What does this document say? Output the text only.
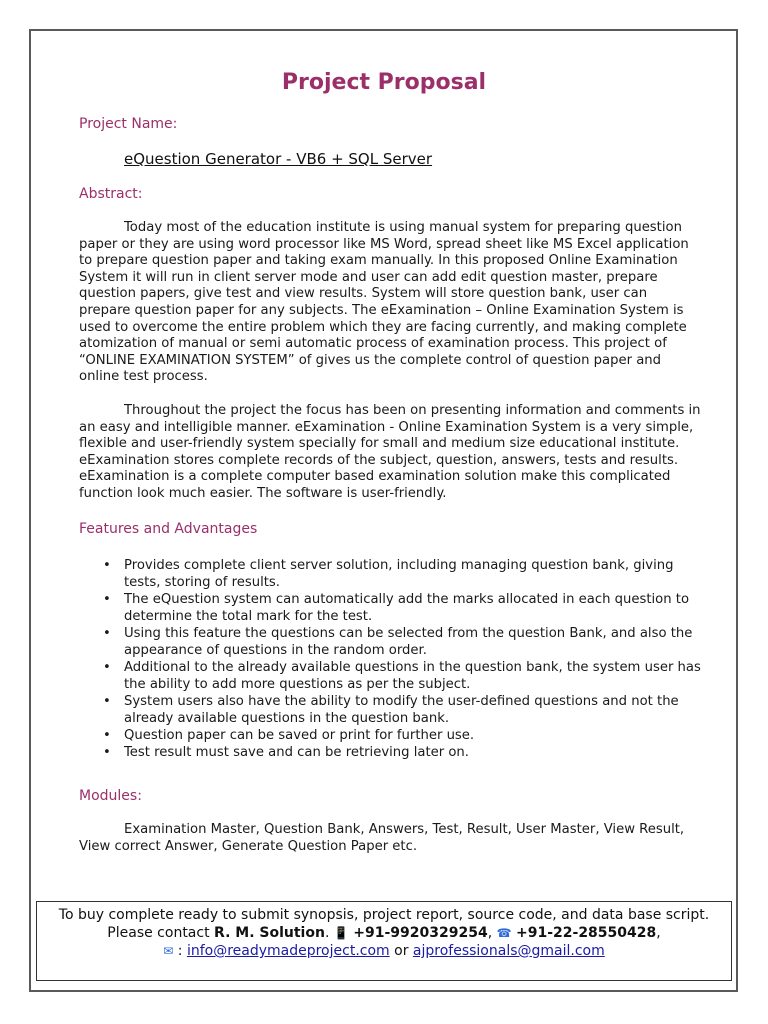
Project Proposal
Project Name:
eQuestion Generator - VB6 + SQL Server
Abstract:

Today most of the education institute is using manual system for preparing question paper or they are using word processor like MS Word, spread sheet like MS Excel application to prepare question paper and taking exam manually. In this proposed Online Examination System it will run in client server mode and user can add edit question master, prepare question papers, give test and view results. System will store question bank, user can prepare question paper for any subjects. The eExamination – Online Examination System is used to overcome the entire problem which they are facing currently, and making complete atomization of manual or semi automatic process of examination process. This project of “ONLINE EXAMINATION SYSTEM” of gives us the complete control of question paper and online test process.

Throughout the project the focus has been on presenting information and comments in an easy and intelligible manner. eExamination - Online Examination System is a very simple, flexible and user-friendly system specially for small and medium size educational institute. eExamination stores complete records of the subject, question, answers, tests and results. eExamination is a complete computer based examination solution make this complicated function look much easier. The software is user-friendly.

Features and Advantages
• Provides complete client server solution, including managing question bank, giving tests, storing of results.
• The eQuestion system can automatically add the marks allocated in each question to determine the total mark for the test.
• Using this feature the questions can be selected from the question Bank, and also the appearance of questions in the random order.
• Additional to the already available questions in the question bank, the system user has the ability to add more questions as per the subject.
• System users also have the ability to modify the user-defined questions and not the already available questions in the question bank.
• Question paper can be saved or print for further use.
• Test result must save and can be retrieving later on.
Modules:

Examination Master, Question Bank, Answers, Test, Result, User Master, View Result, View correct Answer, Generate Question Paper etc.

To buy complete ready to submit synopsis, project report, source code, and data base script.
Please contact R. M. Solution. 📱 +91-9920329254, ☎ +91-22-28550428,
✉ : info@readymadeproject.com or ajprofessionals@gmail.com
